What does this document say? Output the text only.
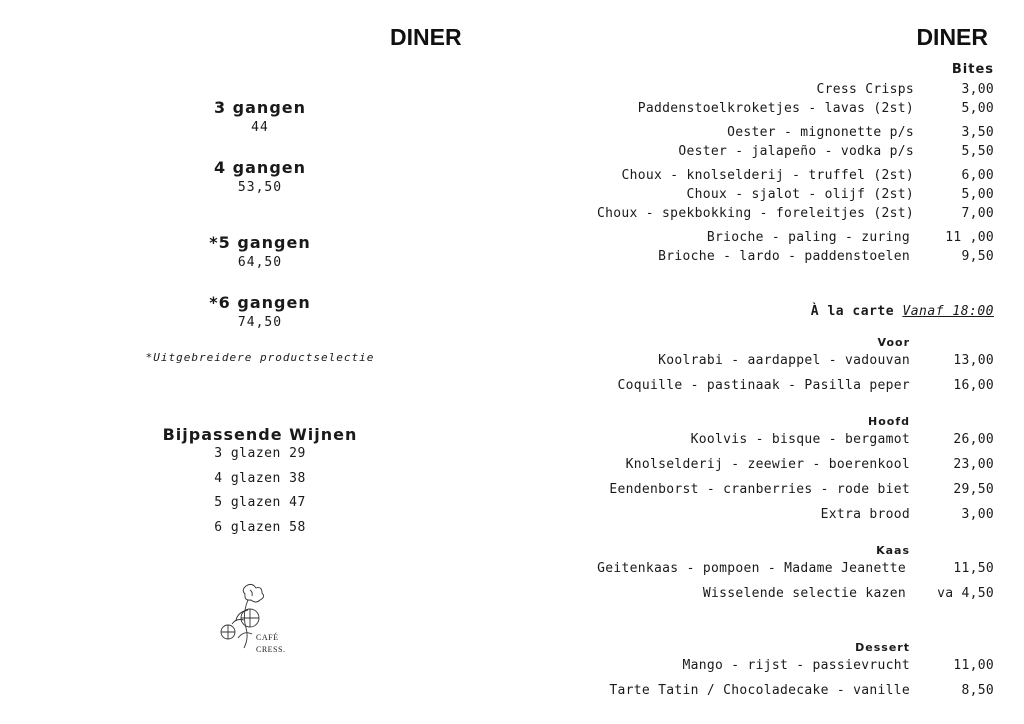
DINER
3 gangen
44
4 gangen
53,50
*5 gangen
64,50
*6 gangen
74,50
*Uitgebreidere productselectie
Bijpassende Wijnen
3 glazen 29
4 glazen 38
5 glazen 47
6 glazen 58
CAFÉ
CRESS.
DINER
Bites
Cress Crisps	3,00
Paddenstoelkroketjes - lavas (2st)	5,00
Oester - mignonette p/s	3,50
Oester - jalapeño - vodka p/s	5,50
Choux - knolselderij - truffel (2st)	6,00
Choux - sjalot - olijf (2st)	5,00
Choux - spekbokking - foreleitjes (2st)	7,00
Brioche - paling - zuring	11 ,00
Brioche - lardo - paddenstoelen	9,50
À la carte Vanaf 18:00
Voor
Koolrabi - aardappel - vadouvan	13,00
Coquille - pastinaak - Pasilla peper	16,00
Hoofd
Koolvis - bisque - bergamot	26,00
Knolselderij - zeewier - boerenkool	23,00
Eendenborst - cranberries - rode biet	29,50
Extra brood	3,00
Kaas
Geitenkaas - pompoen - Madame Jeanette	11,50
Wisselende selectie kazen va 4,50
Dessert
Mango - rijst - passievrucht	11,00
Tarte Tatin / Chocoladecake - vanille	8,50
